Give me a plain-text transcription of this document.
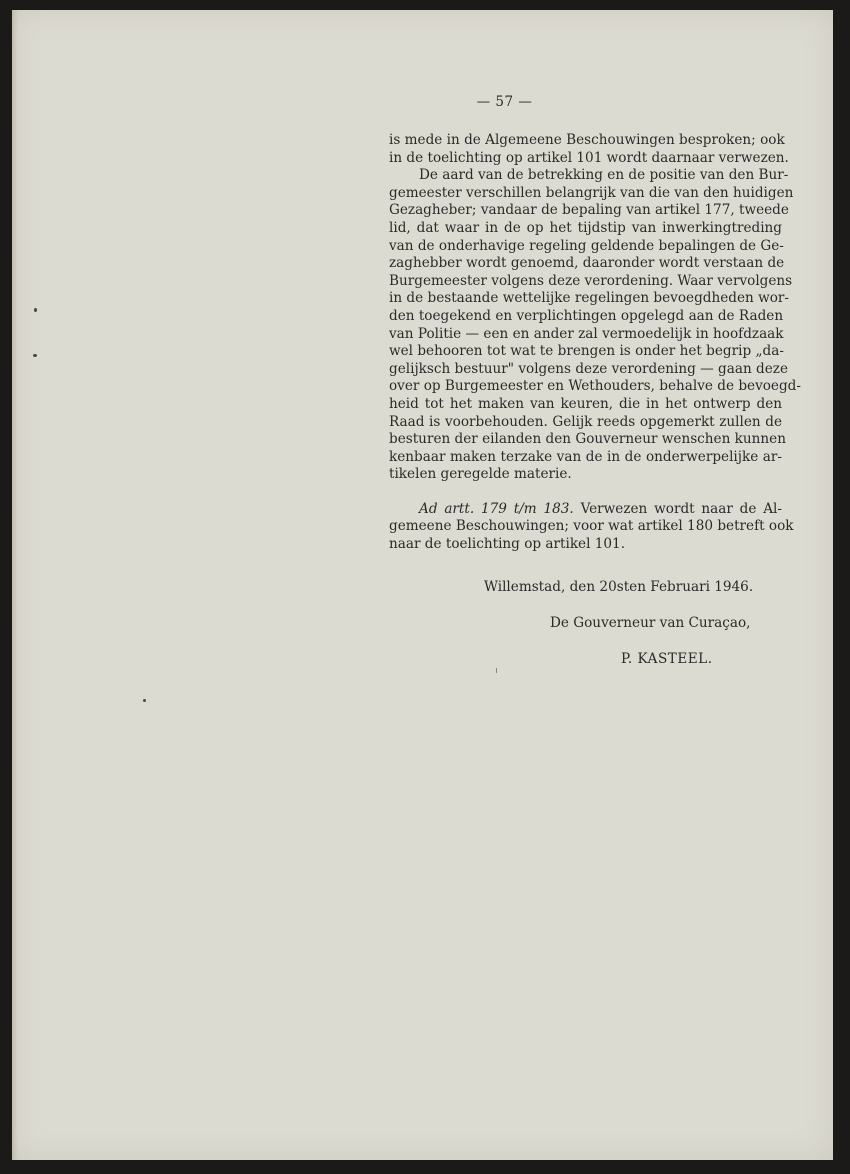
— 57 —
is mede in de Algemeene Beschouwingen besproken; ook
in de toelichting op artikel 101 wordt daarnaar verwezen.
De aard van de betrekking en de positie van den Bur-
gemeester verschillen belangrijk van die van den huidigen
Gezagheber; vandaar de bepaling van artikel 177, tweede
lid, dat waar in de op het tijdstip van inwerkingtreding
van de onderhavige regeling geldende bepalingen de Ge-
zaghebber wordt genoemd, daaronder wordt verstaan de
Burgemeester volgens deze verordening. Waar vervolgens
in de bestaande wettelijke regelingen bevoegdheden wor-
den toegekend en verplichtingen opgelegd aan de Raden
van Politie — een en ander zal vermoedelijk in hoofdzaak
wel behooren tot wat te brengen is onder het begrip „da-
gelijksch bestuur" volgens deze verordening — gaan deze
over op Burgemeester en Wethouders, behalve de bevoegd-
heid tot het maken van keuren, die in het ontwerp den
Raad is voorbehouden. Gelijk reeds opgemerkt zullen de
besturen der eilanden den Gouverneur wenschen kunnen
kenbaar maken terzake van de in de onderwerpelijke ar-
tikelen geregelde materie.
Ad artt. 179 t/m 183. Verwezen wordt naar de Al-
gemeene Beschouwingen; voor wat artikel 180 betreft ook
naar de toelichting op artikel 101.
Willemstad, den 20sten Februari 1946.
De Gouverneur van Curaçao,
P. KASTEEL.
